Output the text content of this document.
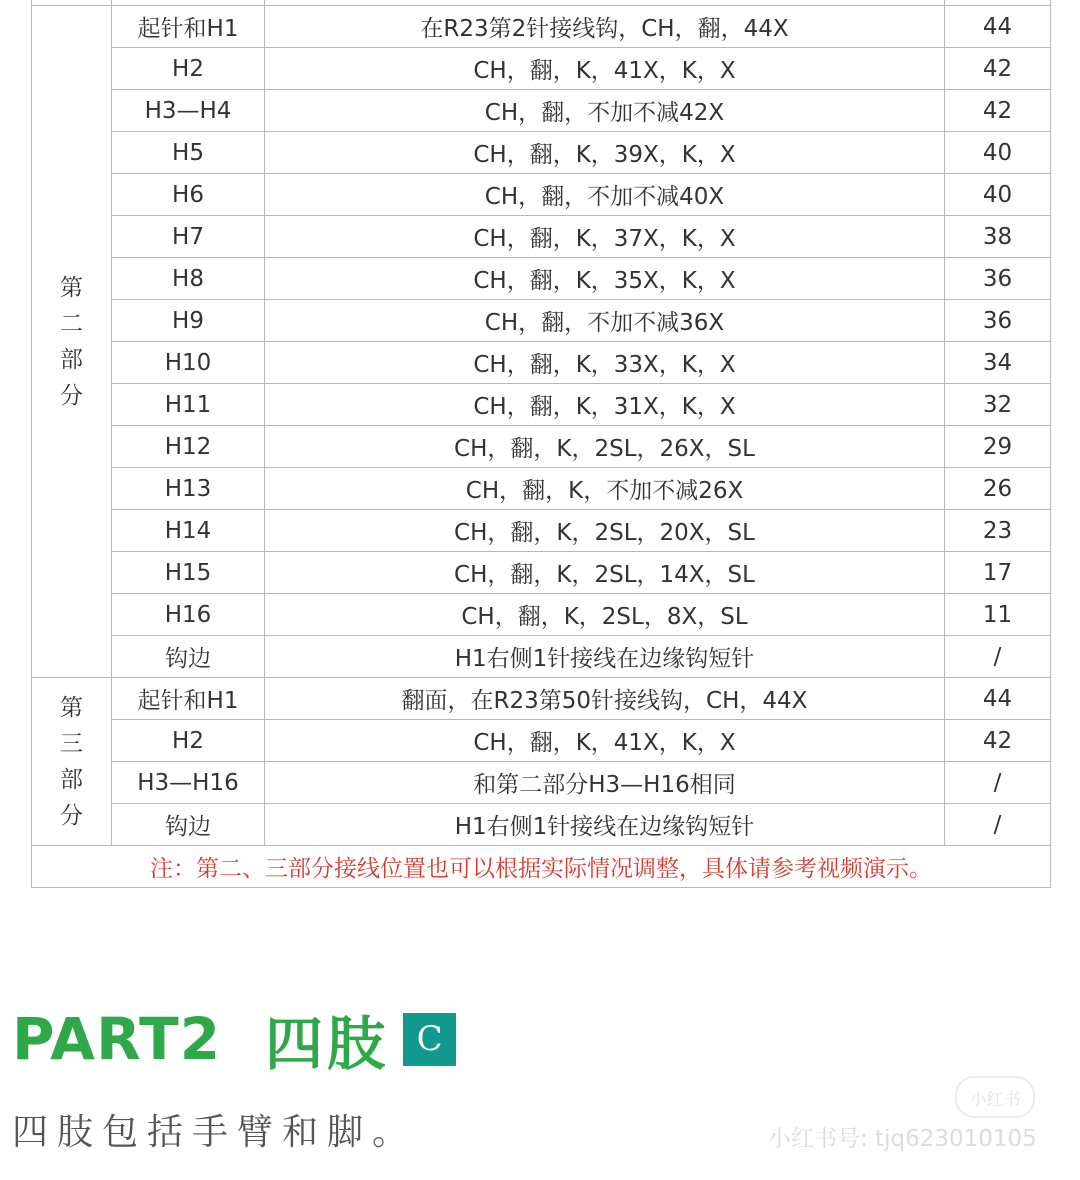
第
二
部
分	起针和H1	在R23第2针接线钩，CH，翻，44X	44
	H2	CH，翻，K，41X，K，X	42
	H3—H4	CH，翻，不加不减42X	42
	H5	CH，翻，K，39X，K，X	40
	H6	CH，翻，不加不减40X	40
	H7	CH，翻，K，37X，K，X	38
	H8	CH，翻，K，35X，K，X	36
	H9	CH，翻，不加不减36X	36
	H10	CH，翻，K，33X，K，X	34
	H11	CH，翻，K，31X，K，X	32
	H12	CH，翻，K，2SL，26X，SL	29
	H13	CH，翻，K，不加不减26X	26
	H14	CH，翻，K，2SL，20X，SL	23
	H15	CH，翻，K，2SL，14X，SL	17
	H16	CH，翻，K，2SL，8X，SL	11
	钩边	H1右侧1针接线在边缘钩短针	/

第
三
部
分	起针和H1	翻面，在R23第50针接线钩，CH，44X	44
	H2	CH，翻，K，41X，K，X	42
	H3—H16	和第二部分H3—H16相同	/
	钩边	H1右侧1针接线在边缘钩短针	/
注：第二、三部分接线位置也可以根据实际情况调整，具体请参考视频演示。			
PART2 四肢 C
四肢包括手臂和脚。
小红书
小红书号: tjq623010105
